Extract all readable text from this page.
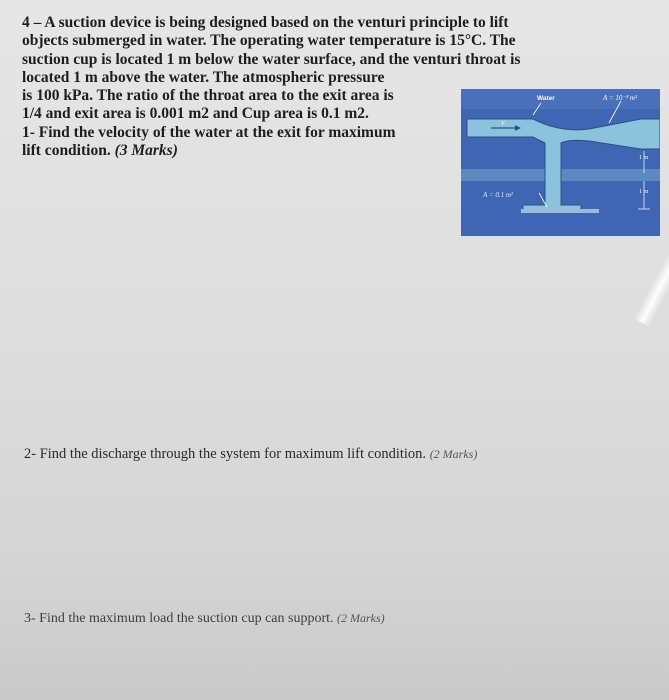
4 – A suction device is being designed based on the venturi principle to lift
objects submerged in water. The operating water temperature is 15°C. The
suction cup is located 1 m below the water surface, and the venturi throat is
located 1 m above the water. The atmospheric pressure
is 100 kPa. The ratio of the throat area to the exit area is
1/4 and exit area is 0.001 m2 and Cup area is 0.1 m2.
1- Find the velocity of the water at the exit for maximum
lift condition. (3 Marks)
Water	A = 10⁻³ m²
V
A = 0.1 m²
1 m
1 m
2- Find the discharge through the system for maximum lift condition. (2 Marks)
3- Find the maximum load the suction cup can support. (2 Marks)
